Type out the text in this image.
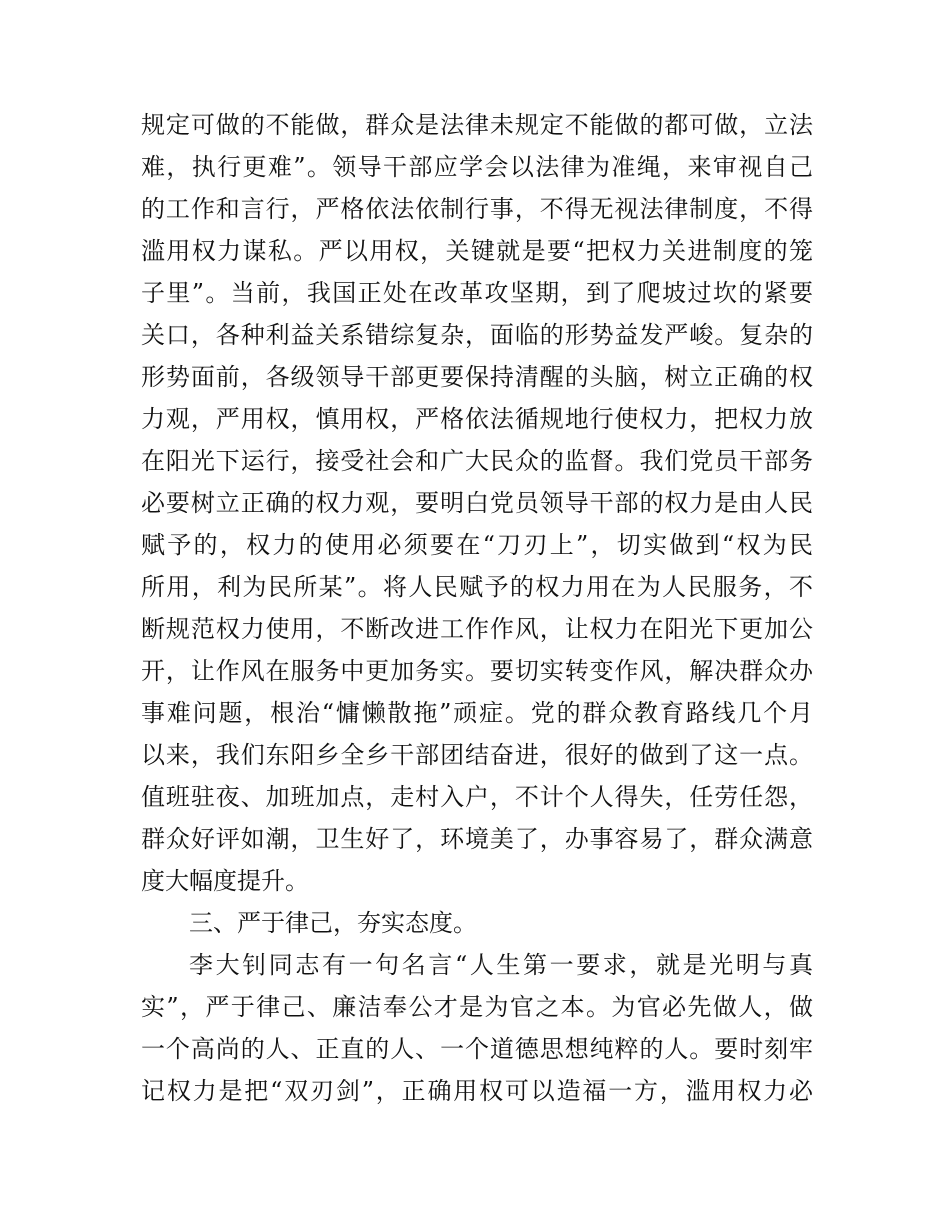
规定可做的不能做，群众是法律未规定不能做的都可做，立法
难，执行更难”。领导干部应学会以法律为准绳，来审视自己
的工作和言行，严格依法依制行事，不得无视法律制度，不得
滥用权力谋私。严以用权，关键就是要“把权力关进制度的笼
子里”。当前，我国正处在改革攻坚期，到了爬坡过坎的紧要
关口，各种利益关系错综复杂，面临的形势益发严峻。复杂的
形势面前，各级领导干部更要保持清醒的头脑，树立正确的权
力观，严用权，慎用权，严格依法循规地行使权力，把权力放
在阳光下运行，接受社会和广大民众的监督。我们党员干部务
必要树立正确的权力观，要明白党员领导干部的权力是由人民
赋予的，权力的使用必须要在“刀刃上”，切实做到“权为民
所用，利为民所某”。将人民赋予的权力用在为人民服务，不
断规范权力使用，不断改进工作作风，让权力在阳光下更加公
开，让作风在服务中更加务实。要切实转变作风，解决群众办
事难问题，根治“慵懒散拖”顽症。党的群众教育路线几个月
以来，我们东阳乡全乡干部团结奋进，很好的做到了这一点。
值班驻夜、加班加点，走村入户，不计个人得失，任劳任怨，
群众好评如潮，卫生好了，环境美了，办事容易了，群众满意
度大幅度提升。
三、严于律己，夯实态度。
李大钊同志有一句名言“人生第一要求，就是光明与真
实”，严于律己、廉洁奉公才是为官之本。为官必先做人，做
一个高尚的人、正直的人、一个道德思想纯粹的人。要时刻牢
记权力是把“双刃剑”，正确用权可以造福一方，滥用权力必
